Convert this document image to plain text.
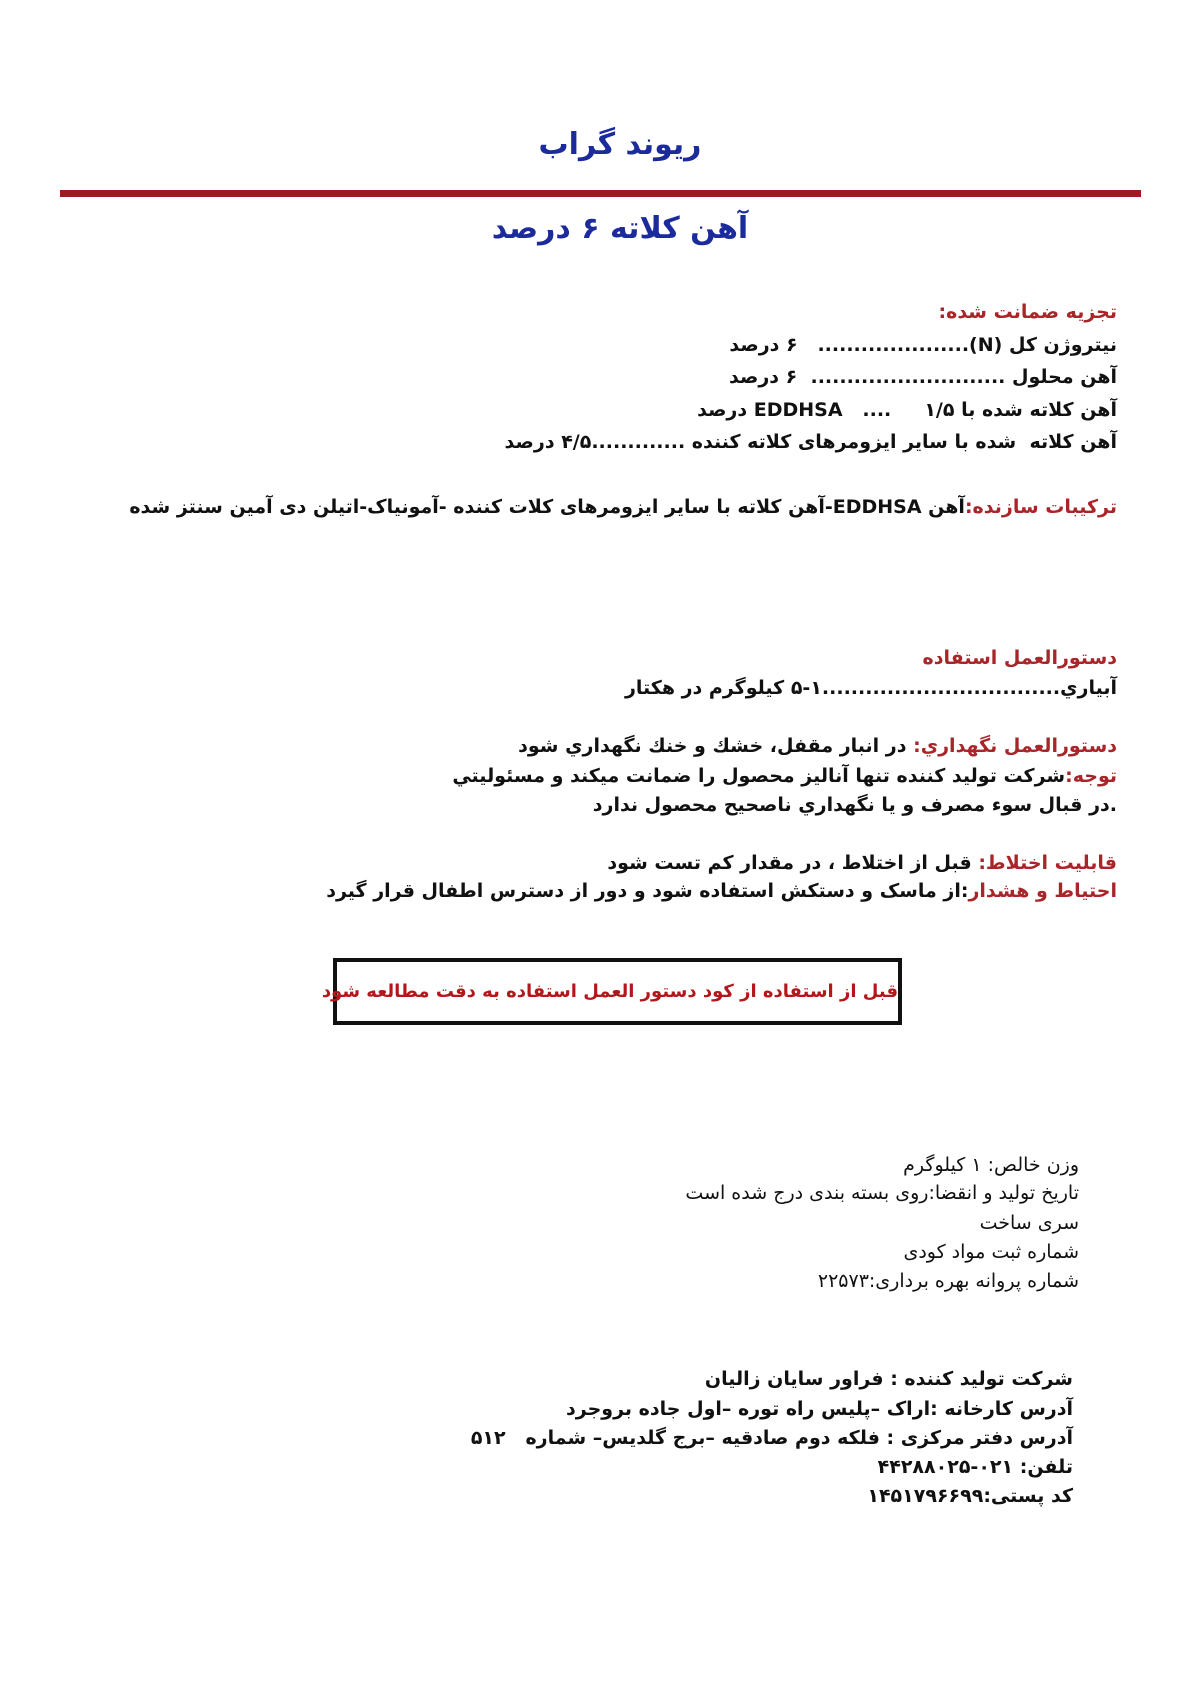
ریوند گراب
آهن کلاته ۶ درصد
تجزیه ضمانت شده:
نیتروژن کل (N).....................   ۶ درصد
آهن محلول ...........................  ۶ درصد
آهن کلاته شده با EDDHSA   ....     ۱/۵ درصد
آهن کلاته  شده با سایر ایزومرهای کلاته کننده .............۴/۵ درصد
ترکیبات سازنده:آهن EDDHSA-آهن کلاته با سایر ایزومرهای کلات کننده -آمونیاک-اتیلن دی آمین سنتز شده
دستورالعمل استفاده
آبیاري.................................۱-۵ کیلوگرم در هکتار
دستورالعمل نگهداري: در انبار مقفل، خشك و خنك نگهداري شود
توجه:شركت توليد كننده تنها آناليز محصول را ضمانت ميكند و مسئوليتي
.در قبال سوء مصرف و يا نگهداري ناصحيح محصول ندارد
قابلیت اختلاط: قبل از اختلاط ، در مقدار کم تست شود
احتیاط و هشدار:از ماسک و دستکش استفاده شود و دور از دسترس اطفال قرار گیرد
قبل از استفاده از كود دستور العمل استفاده به دقت مطالعه شود
وزن خالص: ۱ کیلوگرم
تاریخ تولید و انقضا:روی بسته بندی درج شده است
سری ساخت
شماره ثبت مواد کودی
شماره پروانه بهره برداری:۲۲۵۷۳
شرکت تولید کننده : فراور سایان زالیان
آدرس کارخانه :اراک –پلیس راه توره –اول جاده بروجرد
آدرس دفتر مرکزی : فلکه دوم صادقیه –برج گلدیس– شماره   ۵۱۲
تلفن: ۰۲۱-۴۴۲۸۸۰۲۵
کد پستی:۱۴۵۱۷۹۶۶۹۹
